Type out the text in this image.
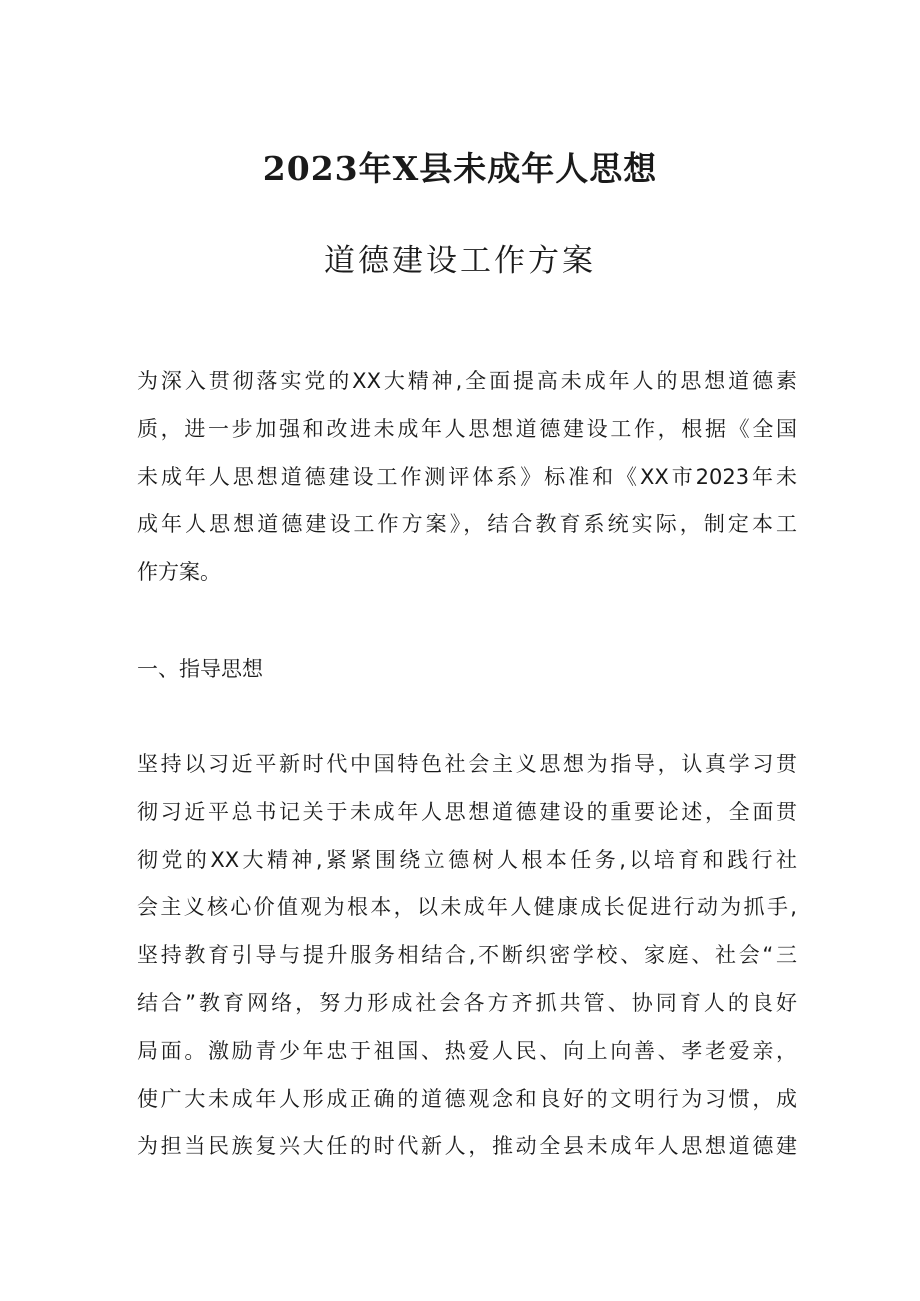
2023年X县未成年人思想
道德建设工作方案
为深入贯彻落实党的XX大精神,全面提高未成年人的思想道德素
质，进一步加强和改进未成年人思想道德建设工作，根据《全国
未成年人思想道德建设工作测评体系》标准和《XX市2023年未
成年人思想道德建设工作方案》，结合教育系统实际，制定本工
作方案。
一、指导思想
坚持以习近平新时代中国特色社会主义思想为指导，认真学习贯
彻习近平总书记关于未成年人思想道德建设的重要论述，全面贯
彻党的XX大精神,紧紧围绕立德树人根本任务,以培育和践行社
会主义核心价值观为根本，以未成年人健康成长促进行动为抓手,
坚持教育引导与提升服务相结合,不断织密学校、家庭、社会“三
结合”教育网络，努力形成社会各方齐抓共管、协同育人的良好
局面。激励青少年忠于祖国、热爱人民、向上向善、孝老爱亲，
使广大未成年人形成正确的道德观念和良好的文明行为习惯，成
为担当民族复兴大任的时代新人，推动全县未成年人思想道德建
